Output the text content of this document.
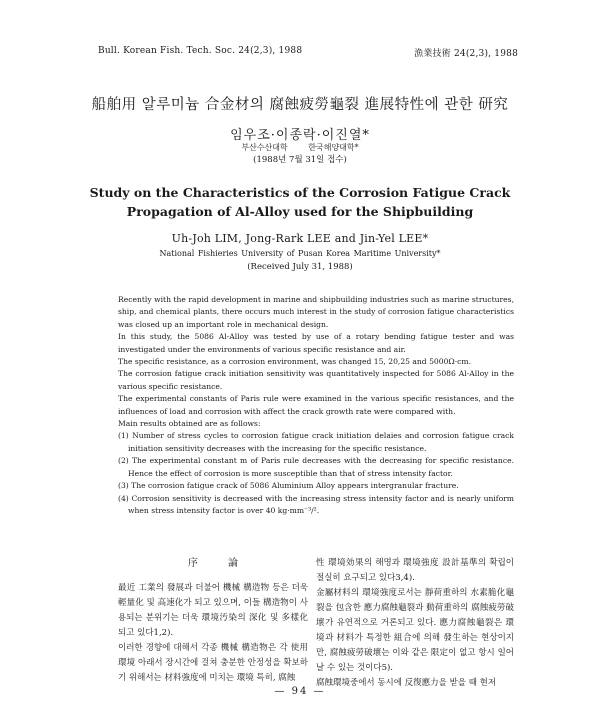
Bull. Korean Fish. Tech. Soc. 24(2,3), 1988	漁業技術 24(2,3), 1988
船舶用 알루미늄 合金材의 腐蝕疲勞龜裂 進展特性에 관한 研究
임우조·이종락·이진열*
부산수산대학 한국해양대학*
(1988년 7월 31일 접수)
Study on the Characteristics of the Corrosion Fatigue Crack
Propagation of Al-Alloy used for the Shipbuilding
Uh-Joh LIM, Jong-Rark LEE and Jin-Yel LEE*
National Fishieries University of Pusan Korea Maritime University*
(Received July 31, 1988)

Recently with the rapid development in marine and shipbuilding industries such as marine structures, ship, and chemical plants, there occurs much interest in the study of corrosion fatigue characteristics was closed up an important role in mechanical design.

In this study, the 5086 Al-Alloy was tested by use of a rotary bending fatigue tester and was investigated under the environments of various specific resistance and air.

The specific resistance, as a corrosion environment, was changed 15, 20,25 and 5000Ω·cm.

The corrosion fatigue crack initiation sensitivity was quantitatively inspected for 5086 Al-Alloy in the various specific resistance.

The experimental constants of Paris rule were examined in the various specific resistances, and the influences of load and corrosion with affect the crack growth rate were compared with.

Main results obtained are as follows:

(1) Number of stress cycles to corrosion fatigue crack initiation delaies and corrosion fatigue crack initiation sensitivity decreases with the increasing for the specific resistance.

(2) The experimental constant m of Paris rule decreases with the decreasing for specific resistance. Hence the effect of corrosion is more susceptible than that of stress intensity factor.

(3) The corrosion fatigue crack of 5086 Aluminium Alloy appears intergranular fracture.

(4) Corrosion sensitivity is decreased with the increasing stress intensity factor and is nearly uniform when stress intensity factor is over 40 kg·mm⁻³/².

序論

最近 工業의 發展과 더불어 機械 構造物 등은 더욱 輕量化 및 高速化가 되고 있으며, 이들 構造物이 사용되는 분위기는 더욱 環境汚染의 深化 및 多樣化되고 있다1,2).

이러한 경향에 대해서 각종 機械 構造物은 각 使用環境 아래서 장시간에 걸쳐 충분한 안정성을 확보하기 위해서는 材料強度에 미치는 環境 특히, 腐蝕

性 環境効果의 해명과 環境強度 設計基準의 확립이 절실히 요구되고 있다3,4).

金屬材料의 環境強度로서는 靜荷重하의 水素脆化龜裂을 包含한 應力腐蝕龜裂과 動荷重하의 腐蝕疲勞破壞가 유연적으로 거론되고 있다. 應力腐蝕龜裂은 環境과 材料가 특정한 組合에 의해 發生하는 현상이지만, 腐蝕疲勞破壞는 이와 같은 限定이 없고 항시 일어날 수 있는 것이다5).

腐蝕環境중에서 동시에 反復應力을 받을 때 현저

— 94 —
